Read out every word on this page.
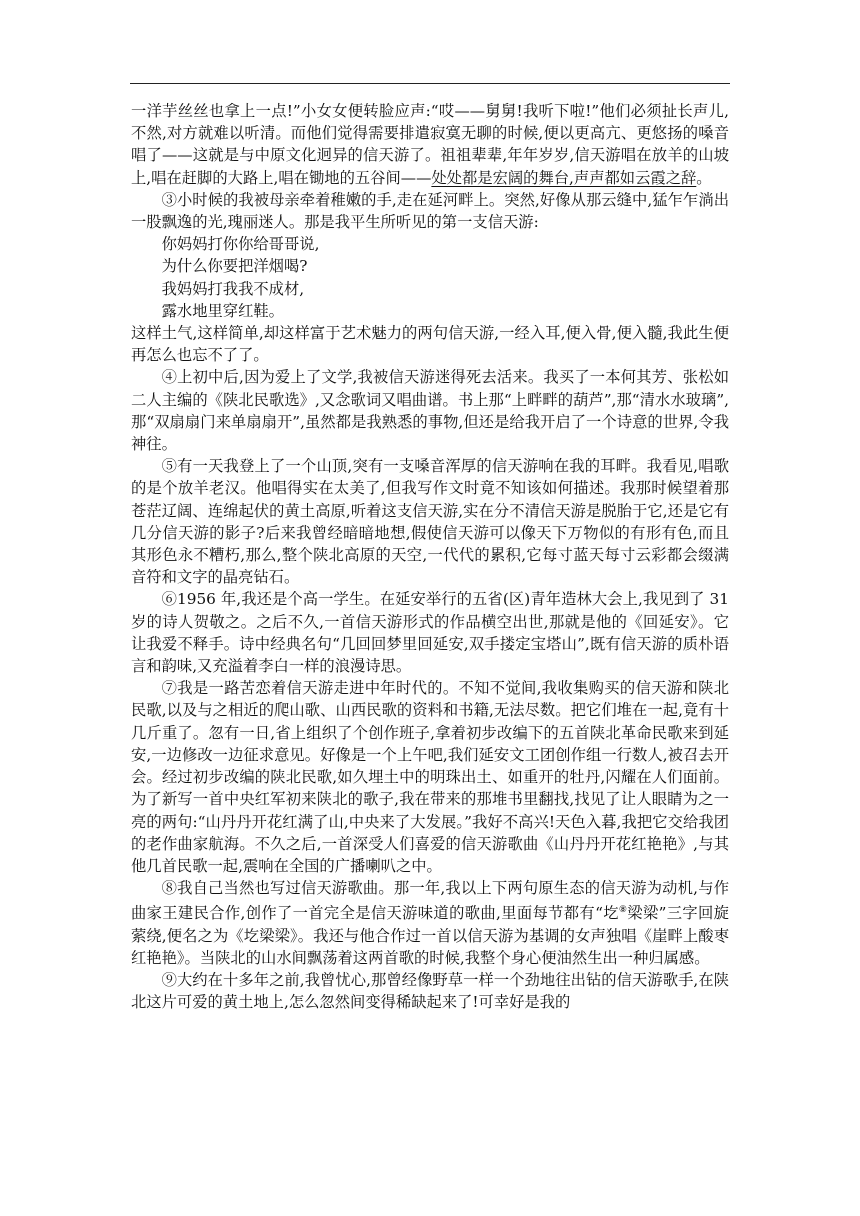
一洋芋丝丝也拿上一点!”小女女便转脸应声:“哎——舅舅!我听下啦!”他们必须扯长声儿,不然,对方就难以听清。而他们觉得需要排遣寂寞无聊的时候,便以更高亢、更悠扬的嗓音唱了——这就是与中原文化迥异的信天游了。祖祖辈辈,年年岁岁,信天游唱在放羊的山坡上,唱在赶脚的大路上,唱在锄地的五谷间——处处都是宏阔的舞台,声声都如云霞之辞。

③小时候的我被母亲牵着稚嫩的手,走在延河畔上。突然,好像从那云缝中,猛乍乍淌出一股飘逸的光,瑰丽迷人。那是我平生所听见的第一支信天游:

你妈妈打你你给哥哥说,

为什么你要把洋烟喝?

我妈妈打我我不成材,

露水地里穿红鞋。

这样土气,这样简单,却这样富于艺术魅力的两句信天游,一经入耳,便入骨,便入髓,我此生便再怎么也忘不了了。

④上初中后,因为爱上了文学,我被信天游迷得死去活来。我买了一本何其芳、张松如二人主编的《陕北民歌选》,又念歌词又唱曲谱。书上那“上畔畔的葫芦”,那“清水水玻璃”,那“双扇扇门来单扇扇开”,虽然都是我熟悉的事物,但还是给我开启了一个诗意的世界,令我神往。

⑤有一天我登上了一个山顶,突有一支嗓音浑厚的信天游响在我的耳畔。我看见,唱歌的是个放羊老汉。他唱得实在太美了,但我写作文时竟不知该如何描述。我那时候望着那苍茫辽阔、连绵起伏的黄土高原,听着这支信天游,实在分不清信天游是脱胎于它,还是它有几分信天游的影子?后来我曾经暗暗地想,假使信天游可以像天下万物似的有形有色,而且其形色永不糟朽,那么,整个陕北高原的天空,一代代的累积,它每寸蓝天每寸云彩都会缀满音符和文字的晶亮钻石。

⑥1956 年,我还是个高一学生。在延安举行的五省(区)青年造林大会上,我见到了 31 岁的诗人贺敬之。之后不久,一首信天游形式的作品横空出世,那就是他的《回延安》。它让我爱不释手。诗中经典名句“几回回梦里回延安,双手搂定宝塔山”,既有信天游的质朴语言和韵味,又充溢着李白一样的浪漫诗思。

⑦我是一路苦恋着信天游走进中年时代的。不知不觉间,我收集购买的信天游和陕北民歌,以及与之相近的爬山歌、山西民歌的资料和书籍,无法尽数。把它们堆在一起,竟有十几斤重了。忽有一日,省上组织了个创作班子,拿着初步改编下的五首陕北革命民歌来到延安,一边修改一边征求意见。好像是一个上午吧,我们延安文工团创作组一行数人,被召去开会。经过初步改编的陕北民歌,如久埋土中的明珠出土、如重开的牡丹,闪耀在人们面前。为了新写一首中央红军初来陕北的歌子,我在带来的那堆书里翻找,找见了让人眼睛为之一亮的两句:“山丹丹开花红满了山,中央来了大发展。”我好不高兴!天色入暮,我把它交给我团的老作曲家航海。不久之后,一首深受人们喜爱的信天游歌曲《山丹丹开花红艳艳》,与其他几首民歌一起,震响在全国的广播喇叭之中。

⑧我自己当然也写过信天游歌曲。那一年,我以上下两句原生态的信天游为动机,与作曲家王建民合作,创作了一首完全是信天游味道的歌曲,里面每节都有“圪⑧梁梁”三字回旋萦绕,便名之为《圪梁梁》。我还与他合作过一首以信天游为基调的女声独唱《崖畔上酸枣红艳艳》。当陕北的山水间飘荡着这两首歌的时候,我整个身心便油然生出一种归属感。

⑨大约在十多年之前,我曾忧心,那曾经像野草一样一个劲地往出钻的信天游歌手,在陕北这片可爱的黄土地上,怎么忽然间变得稀缺起来了!可幸好是我的
